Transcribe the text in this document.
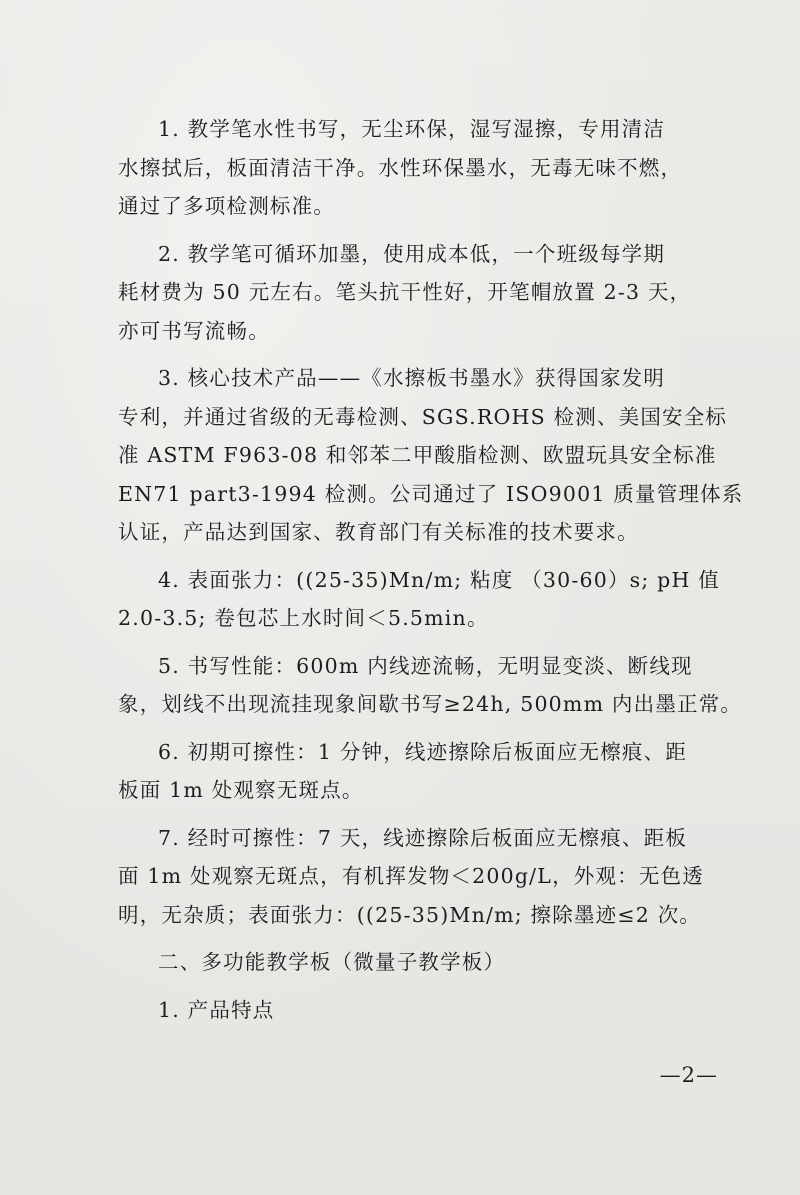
1. 教学笔水性书写，无尘环保，湿写湿擦，专用清洁
水擦拭后，板面清洁干净。水性环保墨水，无毒无味不燃，
通过了多项检测标准。

2. 教学笔可循环加墨，使用成本低，一个班级每学期
耗材费为 50 元左右。笔头抗干性好，开笔帽放置 2-3 天，
亦可书写流畅。

3. 核心技术产品——《水擦板书墨水》获得国家发明
专利，并通过省级的无毒检测、SGS.ROHS 检测、美国安全标
准 ASTM F963-08 和邻苯二甲酸脂检测、欧盟玩具安全标准
EN71 part3-1994 检测。公司通过了 ISO9001 质量管理体系
认证，产品达到国家、教育部门有关标准的技术要求。

4. 表面张力：((25-35)Mn/m; 粘度 （30-60）s; pH 值
2.0-3.5; 卷包芯上水时间＜5.5min。

5. 书写性能：600m 内线迹流畅，无明显变淡、断线现
象，划线不出现流挂现象间歇书写≥24h, 500mm 内出墨正常。

6. 初期可擦性：1 分钟，线迹擦除后板面应无檫痕、距
板面 1m 处观察无斑点。

7. 经时可擦性：7 天，线迹擦除后板面应无檫痕、距板
面 1m 处观察无斑点，有机挥发物＜200g/L，外观：无色透
明，无杂质；表面张力：((25-35)Mn/m; 擦除墨迹≤2 次。

二、多功能教学板（微量子教学板）

1. 产品特点

—2—
